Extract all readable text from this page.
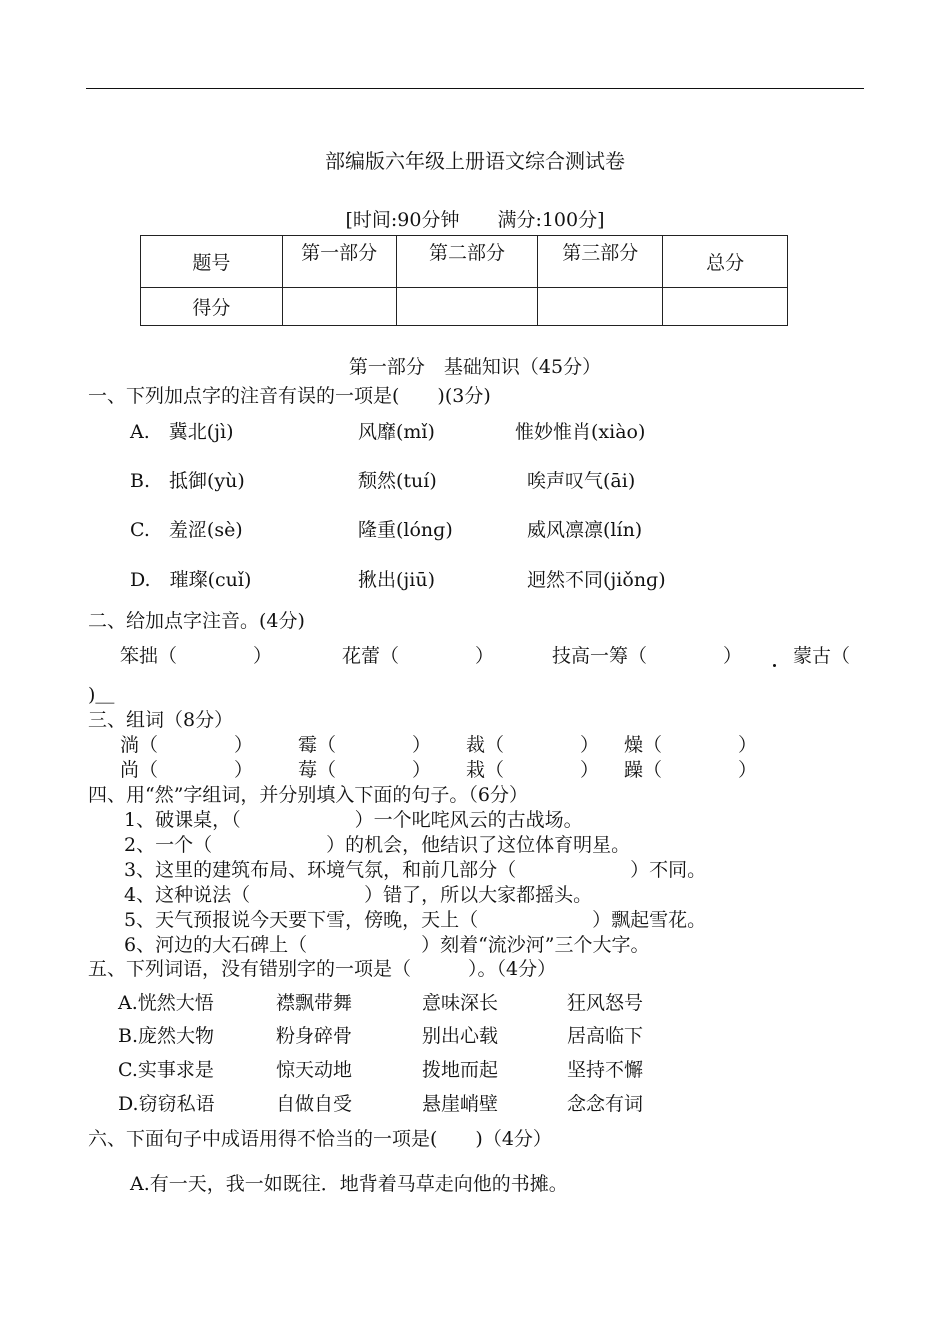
部编版六年级上册语文综合测试卷
[时间:90分钟　　满分:100分]
题号	第一部分	第二部分	第三部分	总分
得分				
第一部分　基础知识（45分）
一、下列加点字的注音有误的一项是(　　)(3分)
A.　冀北(jì)	风靡(mǐ)	惟妙惟肖(xiào)
B.　抵御(yù)	颓然(tuí)	唉声叹气(āi)
C.　羞涩(sè)	隆重(lónɡ)	威风凛凛(lín)
D.　璀璨(cuǐ)	揪出(jiū)	迥然不同(jiǒnɡ)
二、给加点字注音。(4分)
笨拙（　　　　）	花蕾（　　　　）	技高一筹（　　　　）	蒙古（
)＿
三、组词（8分）
淌（　　　　） 霉（　　　　） 裁（　　　　） 燥（　　　　）
尚（　　　　） 莓（　　　　） 栽（　　　　） 躁（　　　　）
四、用“然”字组词，并分别填入下面的句子。（6分）
1、破课桌，（　　　　　　）一个叱咤风云的古战场。
2、一个（　　　　　　）的机会，他结识了这位体育明星。
3、这里的建筑布局、环境气氛，和前几部分（　　　　　　）不同。
4、这种说法（　　　　　　）错了，所以大家都摇头。
5、天气预报说今天要下雪，傍晚，天上（　　　　　　）飘起雪花。
6、河边的大石碑上（　　　　　　）刻着“流沙河”三个大字。
五、下列词语，没有错别字的一项是（　　　）。（4分）
A.恍然大悟	襟飘带舞	意味深长	狂风怒号
B.庞然大物	粉身碎骨	别出心载	居高临下
C.实事求是	惊天动地	拨地而起	坚持不懈
D.窃窃私语	自做自受	悬崖峭壁	念念有词
六、下面句子中成语用得不恰当的一项是(　　)（4分）
A.有一天，我一如既往．地背着马草走向他的书摊。
